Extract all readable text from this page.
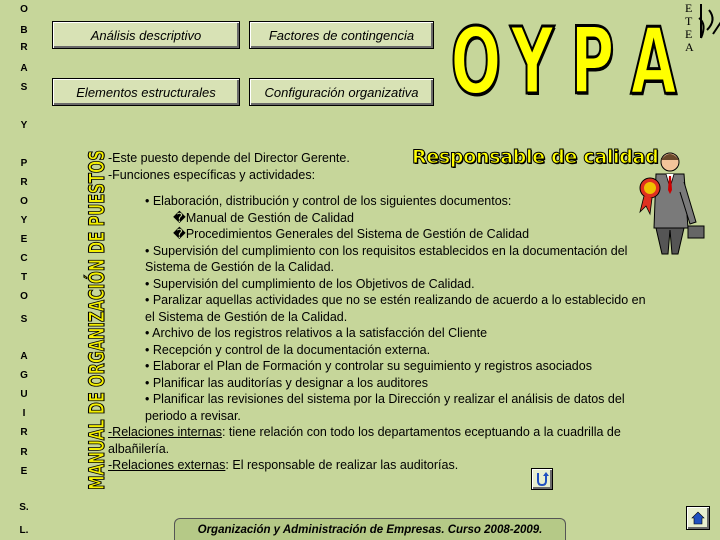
O
B
R
A
S
Y
P
R
O
Y
E
C
T
O
S
A
G
U
I
R
R
E
S.
L.
Análisis descriptivo	Factores de contingencia
Elementos estructurales	Configuración organizativa O Y P A E
T
E
A
MANUAL DE ORGANIZACIÓN DE PUESTOS	Responsable de calidad
-Este puesto depende del Director Gerente.
-Funciones específicas y actividades:
• Elaboración, distribución y control de los siguientes documentos:
�Manual de Gestión de Calidad
�Procedimientos Generales del Sistema de Gestión de Calidad
• Supervisión del cumplimiento con los requisitos establecidos en la documentación del
Sistema de Gestión de la Calidad.
• Supervisión del cumplimiento de los Objetivos de Calidad.
• Paralizar aquellas actividades que no se estén realizando de acuerdo a lo establecido en
el Sistema de Gestión de la Calidad.
• Archivo de los registros relativos a la satisfacción del Cliente
• Recepción y control de la documentación externa.
• Elaborar el Plan de Formación y controlar su seguimiento y registros asociados
• Planificar las auditorías y designar a los auditores
• Planificar las revisiones del sistema por la Dirección y realizar el análisis de datos del
periodo a revisar.
-Relaciones internas: tiene relación con todo los departamentos eceptuando a la cuadrilla de
albañilería.
-Relaciones externas: El responsable de realizar las auditorías.
Organización y Administración de Empresas. Curso 2008-2009.
